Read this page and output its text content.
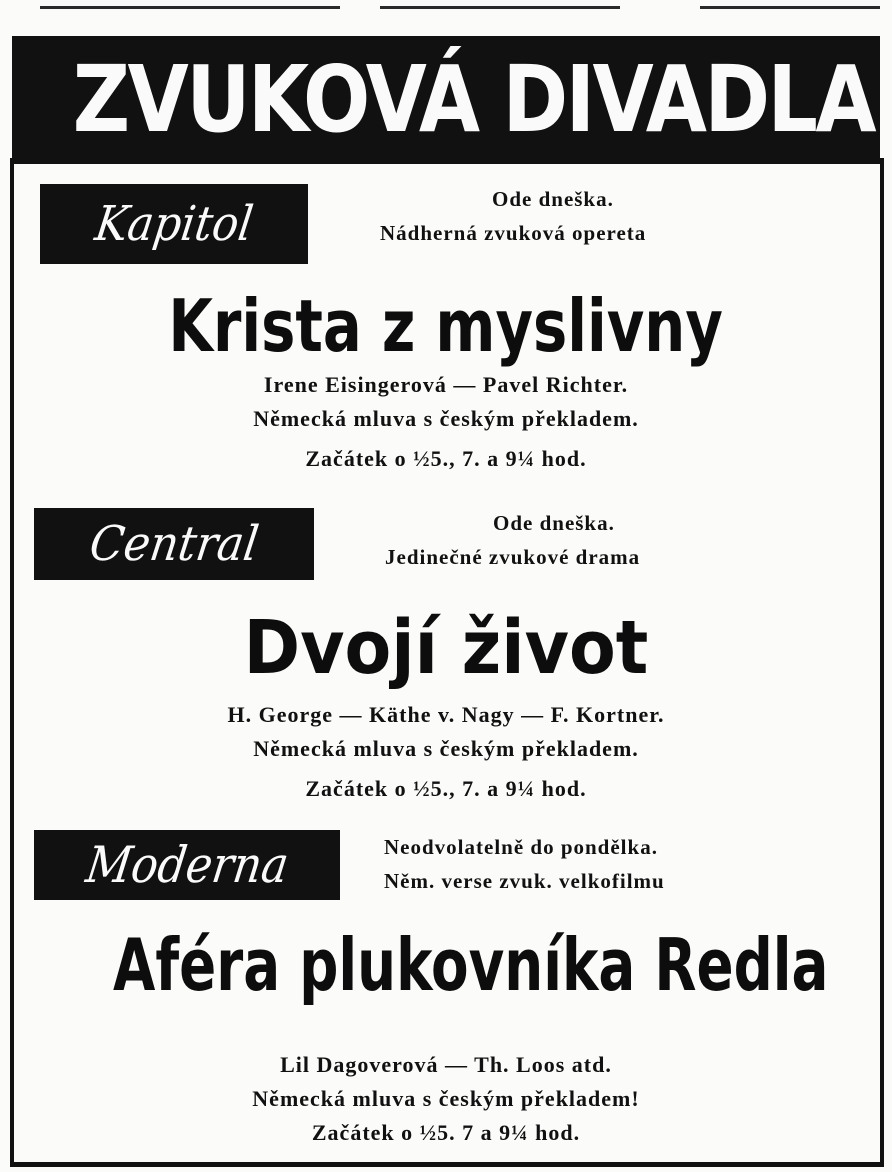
ZVUKOVÁ DIVADLA
Kapitol	Ode dneška.
Nádherná zvuková opereta
Krista z myslivny
Irene Eisingerová — Pavel Richter.
Německá mluva s českým překladem.
Začátek o ½5., 7. a 9¼ hod.
Central	Ode dneška.
Jedinečné zvukové drama
Dvojí život
H. George — Käthe v. Nagy — F. Kortner.
Německá mluva s českým překladem.
Začátek o ½5., 7. a 9¼ hod.
Moderna	Neodvolatelně do pondělka.
Něm. verse zvuk. velkofilmu
Aféra plukovníka Redla
Lil Dagoverová — Th. Loos atd.
Německá mluva s českým překladem!
Začátek o ½5. 7 a 9¼ hod.
